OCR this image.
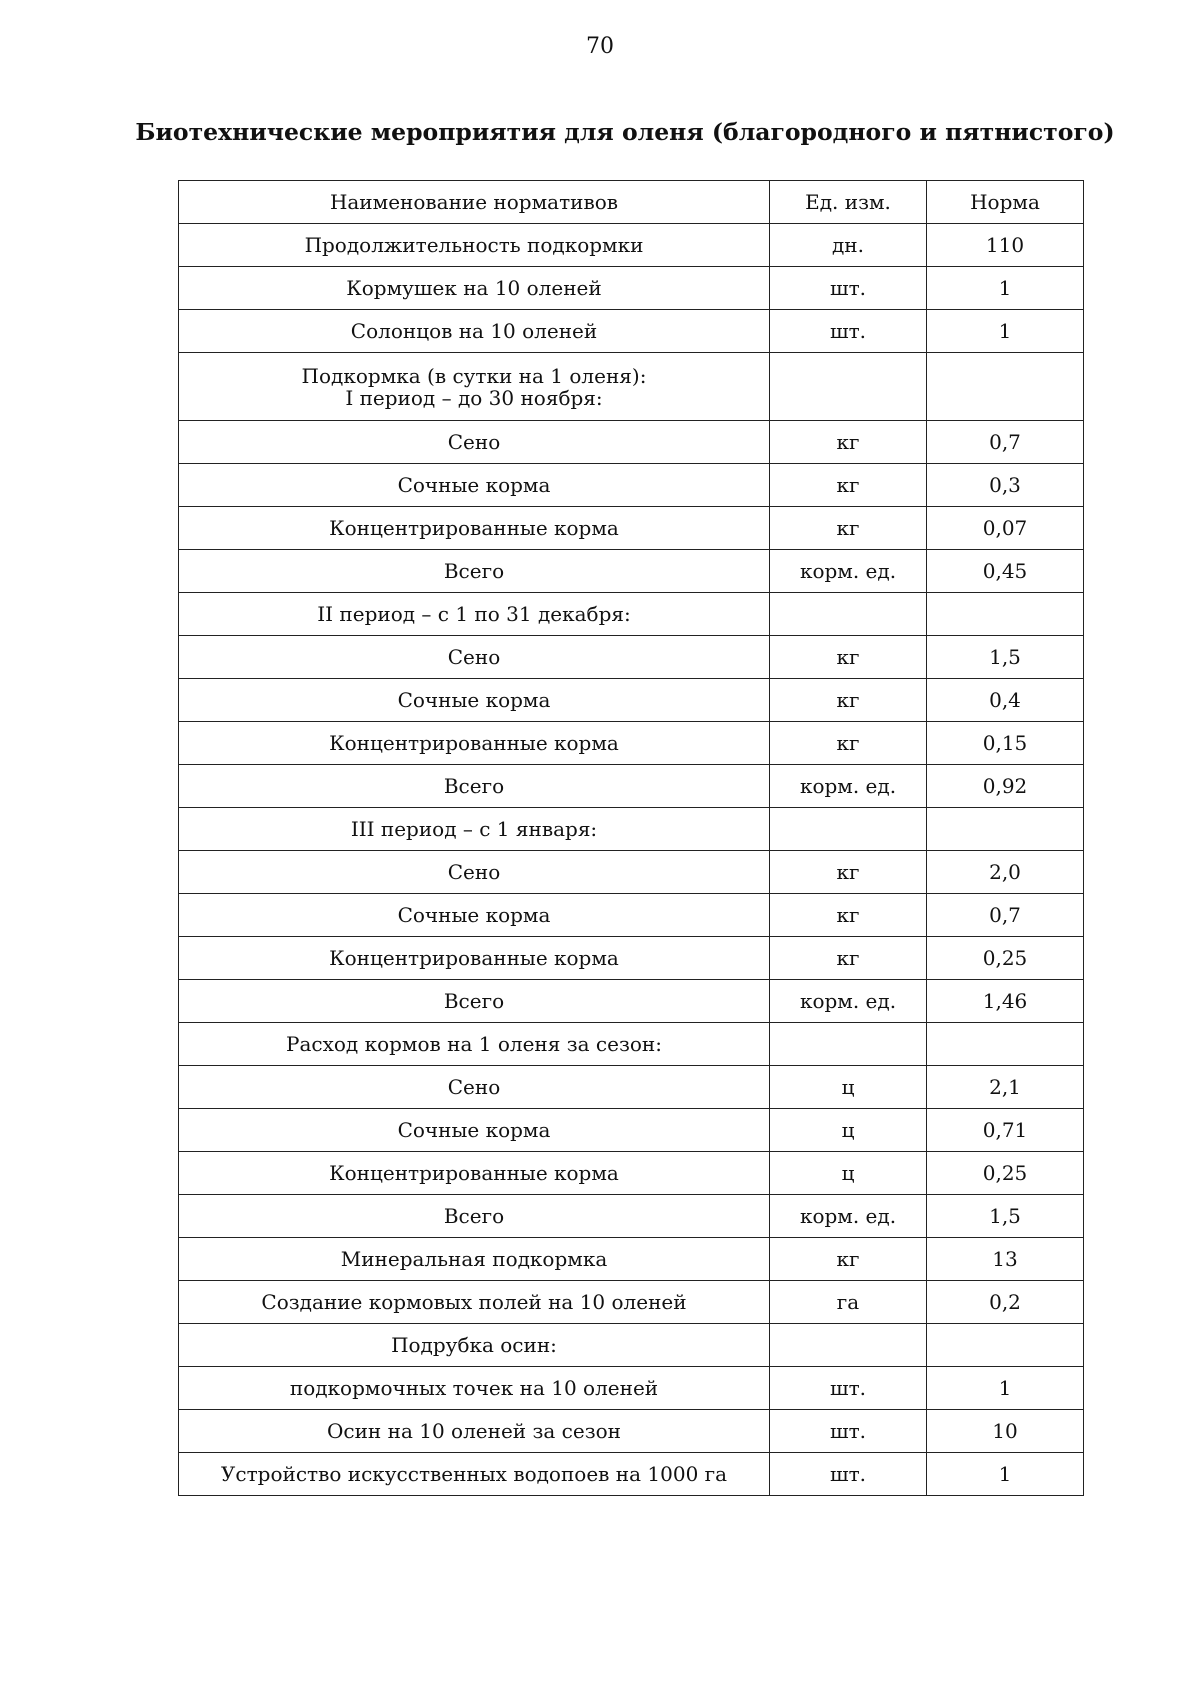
70
Биотехнические мероприятия для оленя (благородного и пятнистого)
Наименование нормативов	Ед. изм.	Норма
Продолжительность подкормки	дн.	110
Кормушек на 10 оленей	шт.	1
Солонцов на 10 оленей	шт.	1
Подкормка (в сутки на 1 оленя):
I период – до 30 ноября:		
Сено	кг	0,7
Сочные корма	кг	0,3
Концентрированные корма	кг	0,07
Всего	корм. ед.	0,45
II период – с 1 по 31 декабря:		
Сено	кг	1,5
Сочные корма	кг	0,4
Концентрированные корма	кг	0,15
Всего	корм. ед.	0,92
III период – с 1 января:		
Сено	кг	2,0
Сочные корма	кг	0,7
Концентрированные корма	кг	0,25
Всего	корм. ед.	1,46
Расход кормов на 1 оленя за сезон:		
Сено	ц	2,1
Сочные корма	ц	0,71
Концентрированные корма	ц	0,25
Всего	корм. ед.	1,5
Минеральная подкормка	кг	13
Создание кормовых полей на 10 оленей	га	0,2
Подрубка осин:		
подкормочных точек на 10 оленей	шт.	1
Осин на 10 оленей за сезон	шт.	10
Устройство искусственных водопоев на 1000 га	шт.	1
